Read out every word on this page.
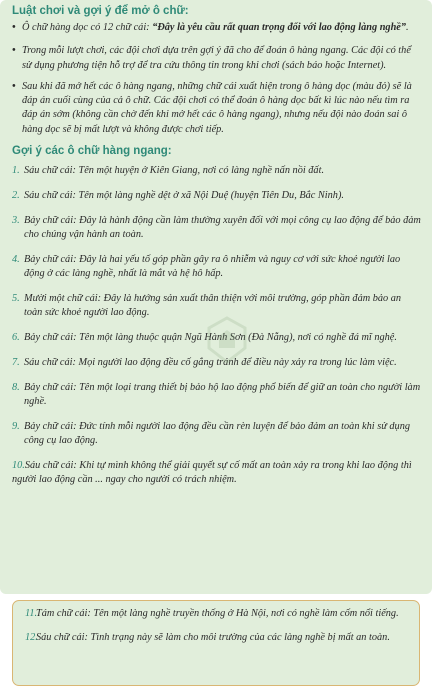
Luật chơi và gợi ý để mở ô chữ:
• Ô chữ hàng dọc có 12 chữ cái: “Đây là yêu cầu rất quan trọng đối với lao động làng nghề”.
• Trong mỗi lượt chơi, các đội chơi dựa trên gợi ý đã cho để đoán ô hàng ngang. Các đội có thể sử dụng phương tiện hỗ trợ để tra cứu thông tin trong khi chơi (sách báo hoặc Internet).
• Sau khi đã mở hết các ô hàng ngang, những chữ cái xuất hiện trong ô hàng dọc (màu đỏ) sẽ là đáp án cuối cùng của cả ô chữ. Các đội chơi có thể đoán ô hàng dọc bất kì lúc nào nếu tìm ra đáp án sớm (không cần chờ đến khi mở hết các ô hàng ngang), nhưng nếu đội nào đoán sai ô hàng dọc sẽ bị mất lượt và không được chơi tiếp.
Gợi ý các ô chữ hàng ngang:
1. Sáu chữ cái: Tên một huyện ở Kiên Giang, nơi có làng nghề nấn nồi đất.
2. Sáu chữ cái: Tên một làng nghề dệt ở xã Nội Duệ (huyện Tiên Du, Bắc Ninh).
3. Bảy chữ cái: Đây là hành động cần làm thường xuyên đối với mọi công cụ lao động để bảo đảm cho chúng vận hành an toàn.
4. Bảy chữ cái: Đây là hai yếu tố góp phần gây ra ô nhiễm và nguy cơ với sức khoẻ người lao động ở các làng nghề, nhất là mắt và hệ hô hấp.
5. Mười một chữ cái: Đây là hướng sản xuất thân thiện với môi trường, góp phần đảm bảo an toàn sức khoẻ người lao động.
6. Bảy chữ cái: Tên một làng thuộc quận Ngũ Hành Sơn (Đà Nẵng), nơi có nghề đá mĩ nghệ.
7. Sáu chữ cái: Mọi người lao động đều cố gắng tránh để điều này xảy ra trong lúc làm việc.
8. Bảy chữ cái: Tên một loại trang thiết bị bảo hộ lao động phổ biến để giữ an toàn cho người làm nghề.
9. Bảy chữ cái: Đức tính mỗi người lao động đều cần rèn luyện để bảo đảm an toàn khi sử dụng công cụ lao động.
10.Sáu chữ cái: Khi tự mình không thể giải quyết sự cố mất an toàn xảy ra trong khi lao động thì người lao động cần ... ngay cho người có trách nhiệm.
11.
Tám chữ cái: Tên một làng nghề truyền thống ở Hà Nội, nơi có nghề làm cốm nổi tiếng.
12.
Sáu chữ cái: Tình trạng này sẽ làm cho môi trường của các làng nghề bị mất an toàn.
